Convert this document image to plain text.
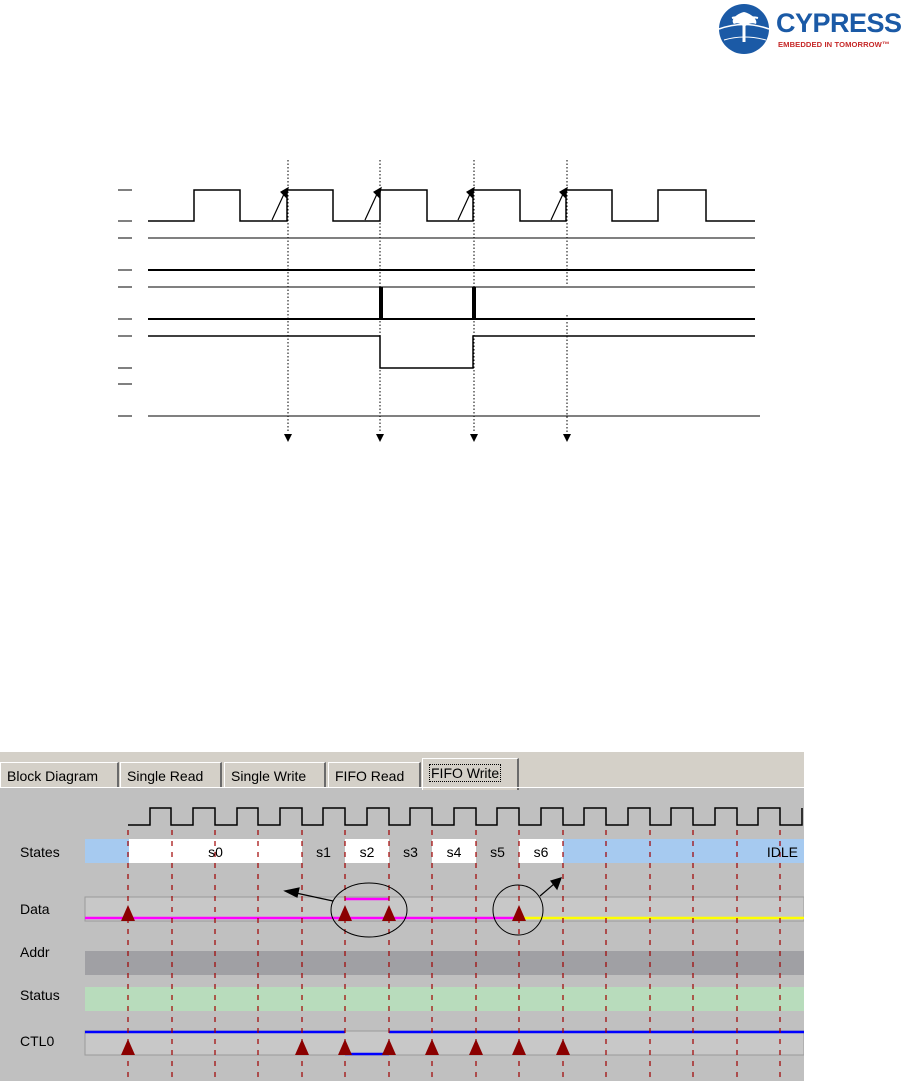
CYPRESS
EMBEDDED IN TOMORROW™
Block Diagram	Single Read	Single Write	FIFO Read	FIFO Write
s0	s1	s2	s3	s4	s5	s6	IDLE
States
Data
Addr
Status
CTL0
